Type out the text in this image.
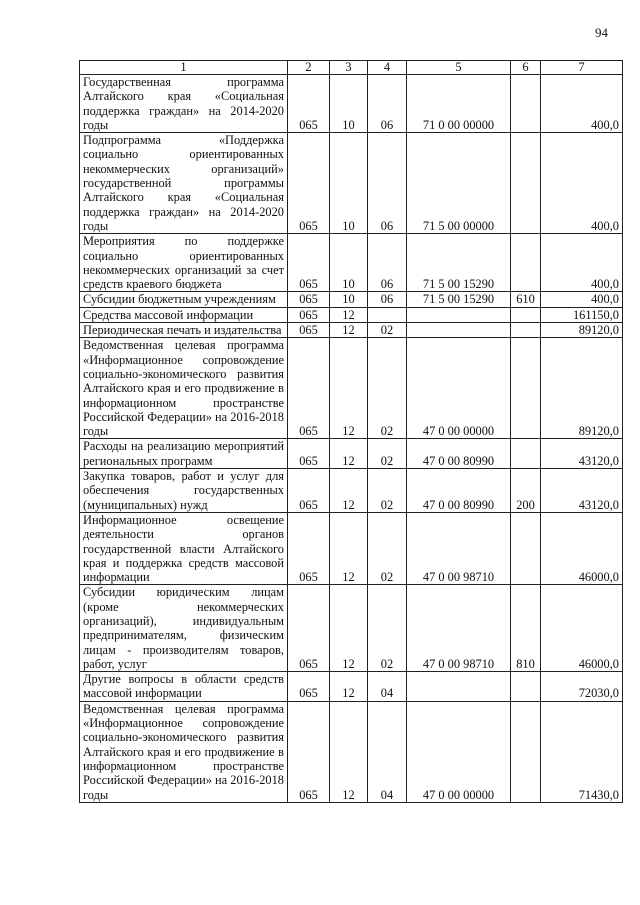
94
1	2	3	4	5	6	7
Государственная программа Алтайского края «Социальная поддержка граждан» на 2014-2020 годы	065	10	06	71 0 00 00000		400,0
Подпрограмма «Поддержка социально ориентированных некоммерческих организаций» государственной программы Алтайского края «Социальная поддержка граждан» на 2014-2020 годы	065	10	06	71 5 00 00000		400,0
Мероприятия по поддержке социально ориентированных некоммерческих организаций за счет средств краевого бюджета	065	10	06	71 5 00 15290		400,0
Субсидии бюджетным учреждениям	065	10	06	71 5 00 15290	610	400,0
Средства массовой информации	065	12				161150,0
Периодическая печать и издательства	065	12	02			89120,0
Ведомственная целевая программа «Информационное сопровождение социально-экономического развития Алтайского края и его продвижение в информационном пространстве Российской Федерации» на 2016-2018 годы	065	12	02	47 0 00 00000		89120,0
Расходы на реализацию мероприятий региональных программ	065	12	02	47 0 00 80990		43120,0
Закупка товаров, работ и услуг для обеспечения государственных (муниципальных) нужд	065	12	02	47 0 00 80990	200	43120,0
Информационное освещение деятельности органов государственной власти Алтайского края и поддержка средств массовой информации	065	12	02	47 0 00 98710		46000,0
Субсидии юридическим лицам (кроме некоммерческих организаций), индивидуальным предпринимателям, физическим лицам - производителям товаров, работ, услуг	065	12	02	47 0 00 98710	810	46000,0
Другие вопросы в области средств массовой информации	065	12	04			72030,0
Ведомственная целевая программа «Информационное сопровождение социально-экономического развития Алтайского края и его продвижение в информационном пространстве Российской Федерации» на 2016-2018 годы	065	12	04	47 0 00 00000		71430,0
